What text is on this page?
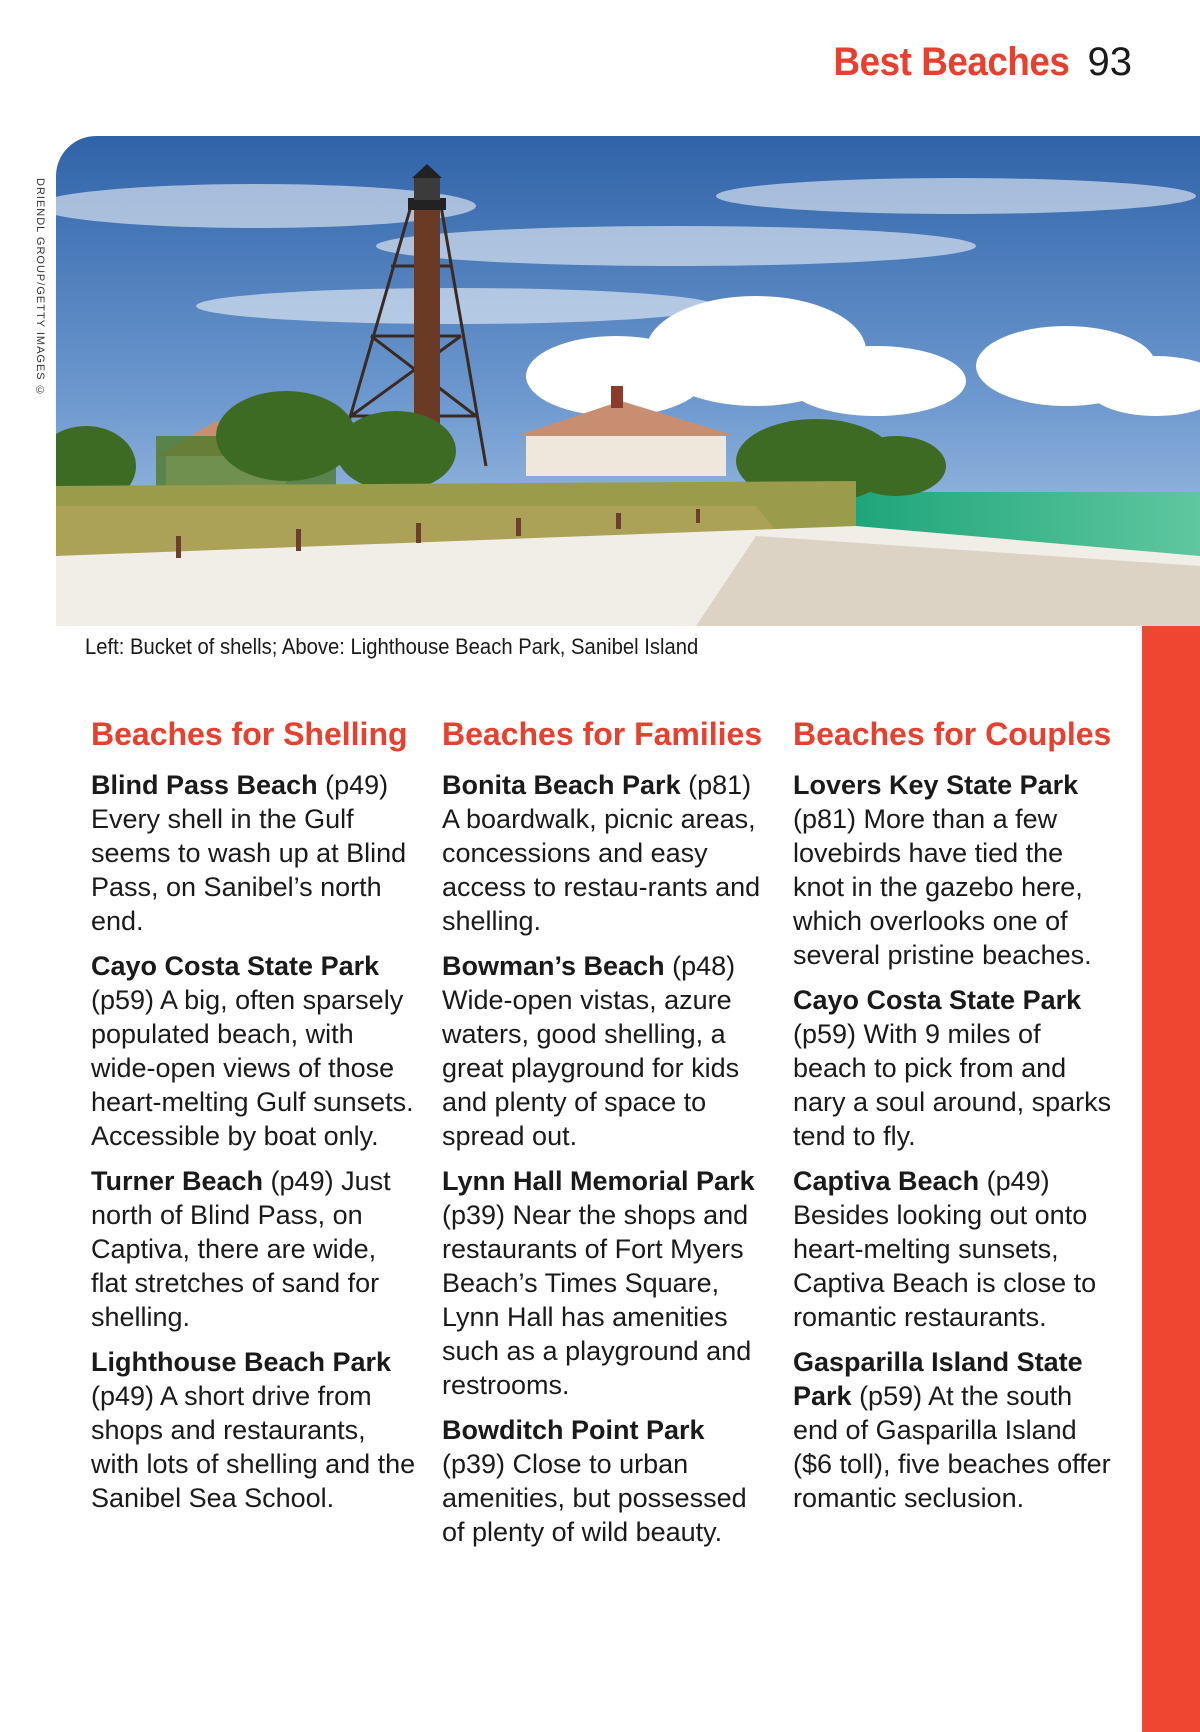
Best Beaches 93
DRIENDL GROUP/GETTY IMAGES ©
Left: Bucket of shells; Above: Lighthouse Beach Park, Sanibel Island
Beaches for Shelling
Blind Pass Beach (p49) Every shell in the Gulf seems to wash up at Blind Pass, on Sanibel’s north end.
Cayo Costa State Park (p59) A big, often sparsely populated beach, with wide-open views of those heart-melting Gulf sunsets. Accessible by boat only.
Turner Beach (p49) Just north of Blind Pass, on Captiva, there are wide, flat stretches of sand for shelling.
Lighthouse Beach Park (p49) A short drive from shops and restaurants, with lots of shelling and the Sanibel Sea School.
Beaches for Families
Bonita Beach Park (p81) A boardwalk, picnic areas, concessions and easy access to restau-rants and shelling.
Bowman’s Beach (p48) Wide-open vistas, azure waters, good shelling, a great playground for kids and plenty of space to spread out.
Lynn Hall Memorial Park (p39) Near the shops and restaurants of Fort Myers Beach’s Times Square, Lynn Hall has amenities such as a playground and restrooms.
Bowditch Point Park (p39) Close to urban amenities, but possessed of plenty of wild beauty.
Beaches for Couples
Lovers Key State Park (p81) More than a few lovebirds have tied the knot in the gazebo here, which overlooks one of several pristine beaches.
Cayo Costa State Park (p59) With 9 miles of beach to pick from and nary a soul around, sparks tend to fly.
Captiva Beach (p49) Besides looking out onto heart-melting sunsets, Captiva Beach is close to romantic restaurants.
Gasparilla Island State Park (p59) At the south end of Gasparilla Island ($6 toll), five beaches offer romantic seclusion.
